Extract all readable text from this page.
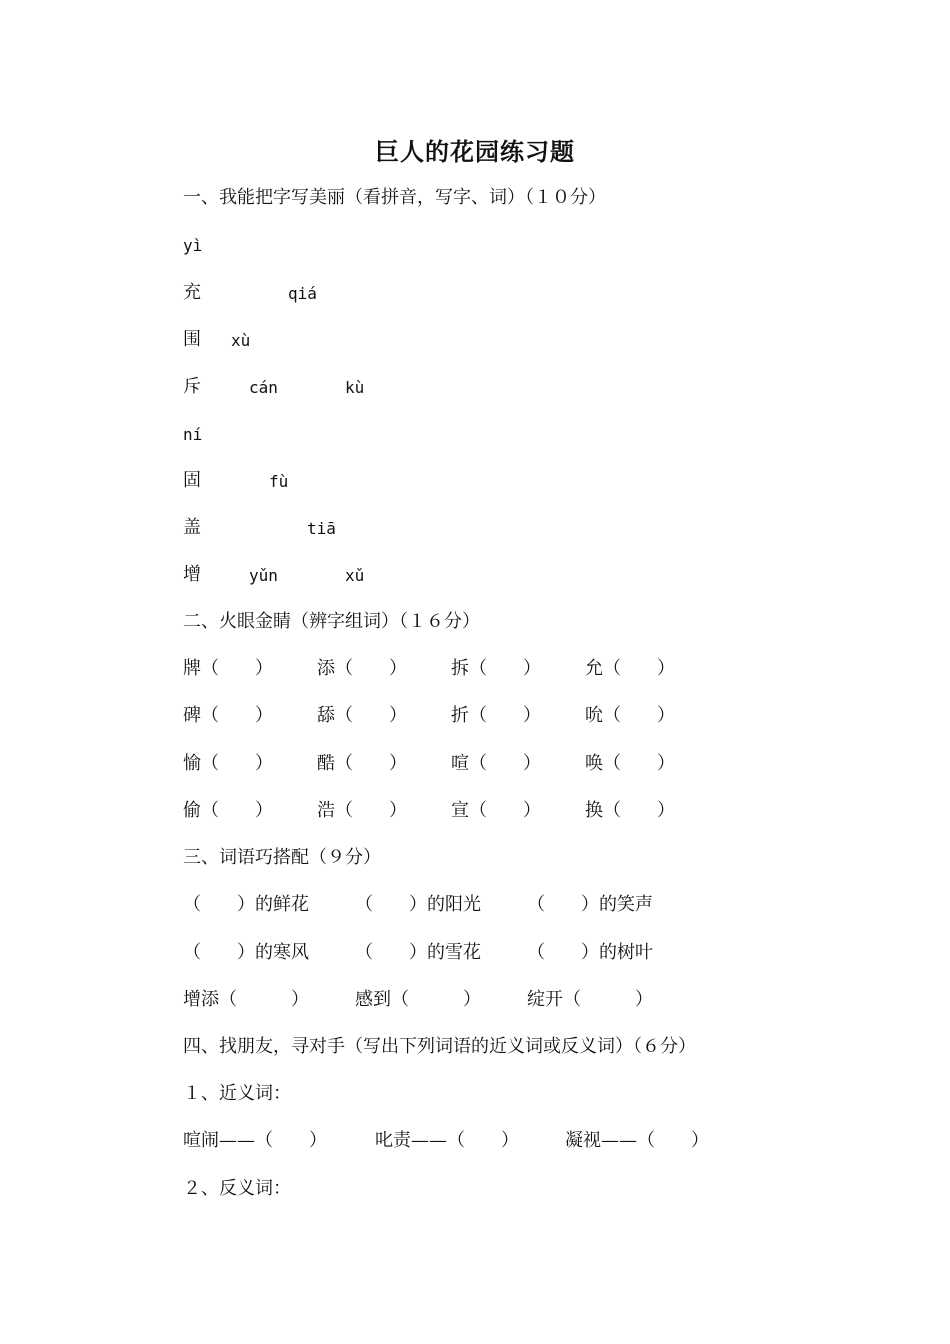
巨人的花园练习题
一、我能把字写美丽（看拼音，写字、词）（１０分）
yì
充	qiá
围 xù
斥	cán	kù
ní
固	fù
盖	tiā
增	yǔn	xǔ
二、火眼金睛（辨字组词）（１６分）
牌（　　） 添（　　） 拆（　　） 允（　　）
碑（　　） 舔（　　） 折（　　） 吮（　　）
愉（　　） 酷（　　） 喧（　　） 唤（　　）
偷（　　） 浩（　　） 宣（　　） 换（　　）
三、词语巧搭配（９分）
（　　）的鲜花	（　　）的阳光	（　　）的笑声
（　　）的寒风	（　　）的雪花	（　　）的树叶
增添（　　　）	感到（　　　）	绽开（　　　）
四、找朋友，寻对手（写出下列词语的近义词或反义词）（６分）
１、近义词：
喧闹——（　　）	叱责——（　　）	凝视——（　　）
２、反义词：
